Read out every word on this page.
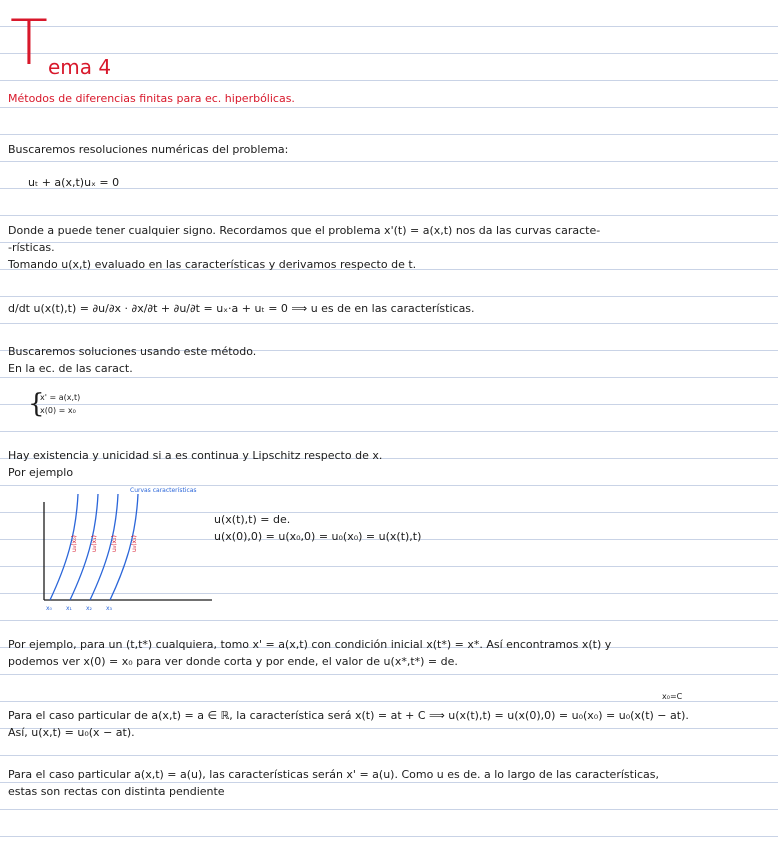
T ema 4
Métodos de diferencias finitas para ec. hiperbólicas.
Buscaremos resoluciones numéricas del problema:
uₜ + a(x,t)uₓ = 0
Donde a puede tener cualquier signo. Recordamos que el problema x'(t) = a(x,t) nos da las curvas caracte-
-rísticas.
Tomando u(x,t) evaluado en las características y derivamos respecto de t.
d/dt u(x(t),t) = ∂u/∂x · ∂x/∂t + ∂u/∂t = uₓ·a + uₜ = 0 ⟹ u es de en las características.
Buscaremos soluciones usando este método.
En la ec. de las caract.
{
x' = a(x,t)
x(0) = x₀
Hay existencia y unicidad si a es continua y Lipschitz respecto de x.
Por ejemplo
Curvas características
u₀(x₀) u₀(x₁) u₀(x₂) u₀(x₃)
x₀ x₁ x₂ x₃
u(x(t),t) = de.
u(x(0),0) = u(x₀,0) = u₀(x₀) = u(x(t),t)
Por ejemplo, para un (t,t*) cualquiera, tomo x' = a(x,t) con condición inicial x(t*) = x*. Así encontramos x(t) y
podemos ver x(0) = x₀ para ver donde corta y por ende, el valor de u(x*,t*) = de.
x₀=C
Para el caso particular de a(x,t) = a ∈ ℝ, la característica será x(t) = at + C ⟹ u(x(t),t) = u(x(0),0) = u₀(x₀) = u₀(x(t) − at).
Así, u(x,t) = u₀(x − at).
Para el caso particular a(x,t) = a(u), las características serán x' = a(u). Como u es de. a lo largo de las características,
estas son rectas con distinta pendiente
